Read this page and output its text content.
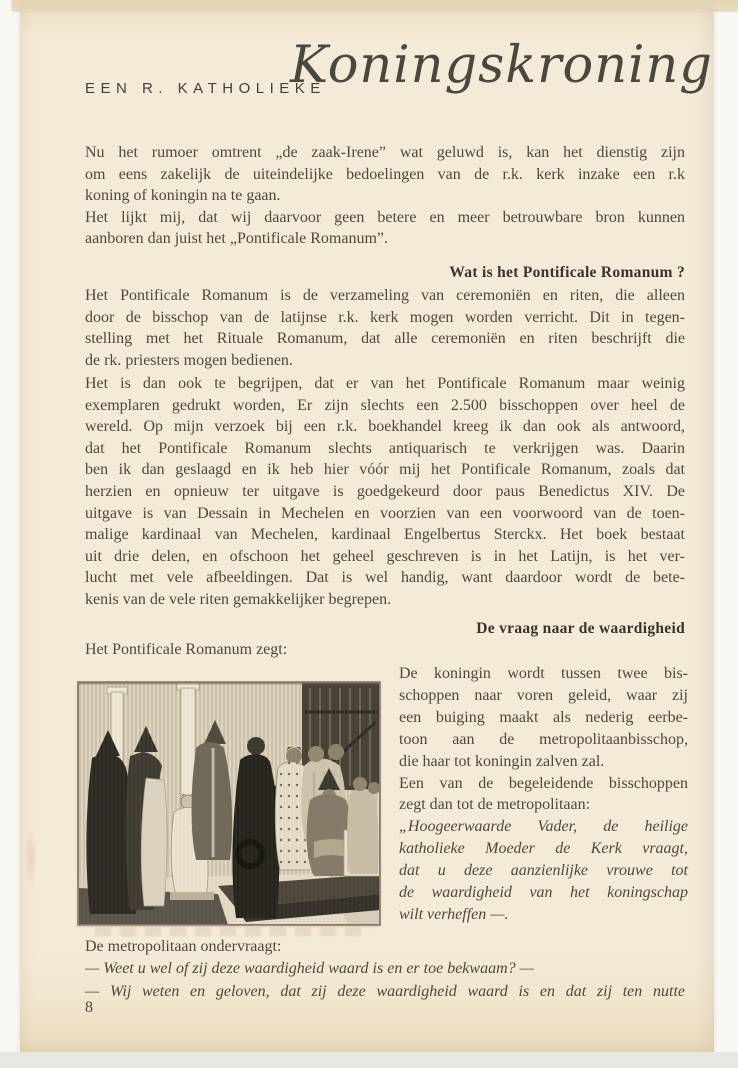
EEN R. KATHOLIEKE
Koningskroning
Nu het rumoer omtrent „de zaak-Irene” wat geluwd is, kan het dienstig zijn
om eens zakelijk de uiteindelijke bedoelingen van de r.k. kerk inzake een r.k
koning of koningin na te gaan.
Het lijkt mij, dat wij daarvoor geen betere en meer betrouwbare bron kunnen
aanboren dan juist het „Pontificale Romanum”.
Wat is het Pontificale Romanum ?
Het Pontificale Romanum is de verzameling van ceremoniën en riten, die alleen
door de bisschop van de latijnse r.k. kerk mogen worden verricht. Dit in tegen-
stelling met het Rituale Romanum, dat alle ceremoniën en riten beschrijft die
de rk. priesters mogen bedienen.
Het is dan ook te begrijpen, dat er van het Pontificale Romanum maar weinig
exemplaren gedrukt worden, Er zijn slechts een 2.500 bisschoppen over heel de
wereld. Op mijn verzoek bij een r.k. boekhandel kreeg ik dan ook als antwoord,
dat het Pontificale Romanum slechts antiquarisch te verkrijgen was. Daarin
ben ik dan geslaagd en ik heb hier vóór mij het Pontificale Romanum, zoals dat
herzien en opnieuw ter uitgave is goedgekeurd door paus Benedictus XIV. De
uitgave is van Dessain in Mechelen en voorzien van een voorwoord van de toen-
malige kardinaal van Mechelen, kardinaal Engelbertus Sterckx. Het boek bestaat
uit drie delen, en ofschoon het geheel geschreven is in het Latijn, is het ver-
lucht met vele afbeeldingen. Dat is wel handig, want daardoor wordt de bete-
kenis van de vele riten gemakkelijker begrepen.
De vraag naar de waardigheid
Het Pontificale Romanum zegt:
De koningin wordt tussen twee bis-
schoppen naar voren geleid, waar zij
een buiging maakt als nederig eerbe-
toon aan de metropolitaanbisschop,
die haar tot koningin zalven zal.
Een van de begeleidende bisschoppen
zegt dan tot de metropolitaan:
„Hoogeerwaarde Vader, de heilige
katholieke Moeder de Kerk vraagt,
dat u deze aanzienlijke vrouwe tot
de waardigheid van het koningschap
wilt verheffen —.
De metropolitaan ondervraagt:
— Weet u wel of zij deze waardigheid waard is en er toe bekwaam? —
— Wij weten en geloven, dat zij deze waardigheid waard is en dat zij ten nutte
8
